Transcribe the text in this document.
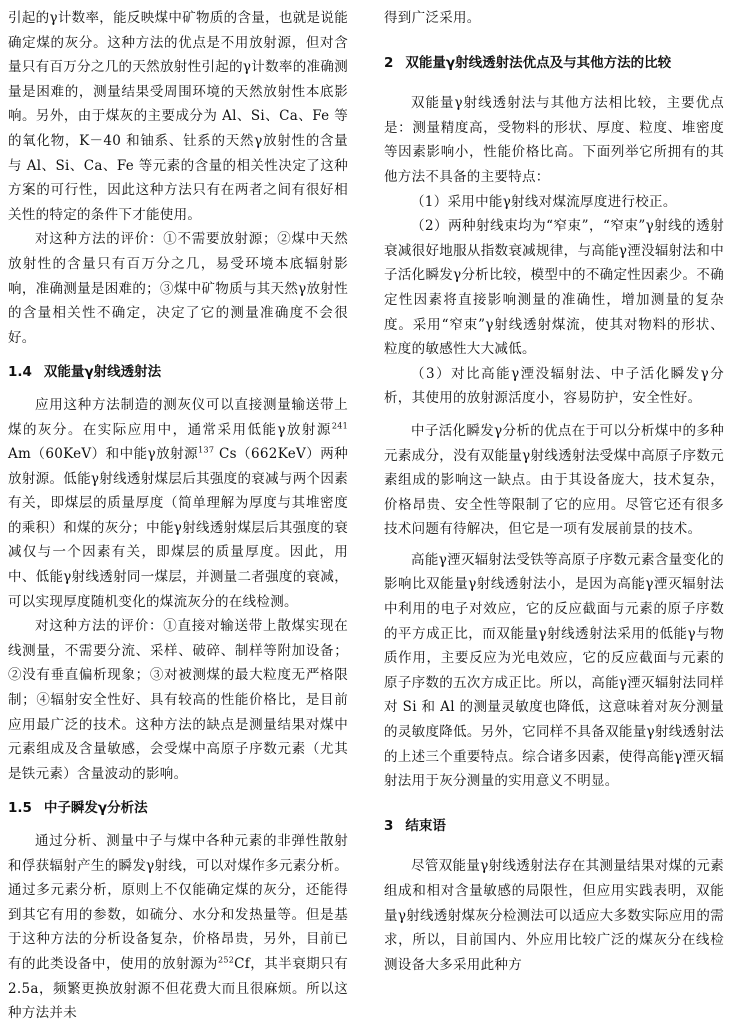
引起的γ计数率，能反映煤中矿物质的含量，也就是说能确定煤的灰分。这种方法的优点是不用放射源，但对含量只有百万分之几的天然放射性引起的γ计数率的准确测量是困难的，测量结果受周围环境的天然放射性本底影响。另外，由于煤灰的主要成分为 Al、Si、Ca、Fe 等的氧化物，K－40 和铀系、钍系的天然γ放射性的含量与 Al、Si、Ca、Fe 等元素的含量的相关性决定了这种方案的可行性，因此这种方法只有在两者之间有很好相关性的特定的条件下才能使用。

对这种方法的评价：①不需要放射源；②煤中天然放射性的含量只有百万分之几，易受环境本底辐射影响，准确测量是困难的；③煤中矿物质与其天然γ放射性的含量相关性不确定，决定了它的测量准确度不会很好。

1.4 双能量γ射线透射法

应用这种方法制造的测灰仪可以直接测量输送带上煤的灰分。在实际应用中，通常采用低能γ放射源$^{241}$ Am（60KeV）和中能γ放射源$^{137}$ Cs（662KeV）两种放射源。低能γ射线透射煤层后其强度的衰减与两个因素有关，即煤层的质量厚度（简单理解为厚度与其堆密度的乘积）和煤的灰分；中能γ射线透射煤层后其强度的衰减仅与一个因素有关，即煤层的质量厚度。因此，用中、低能γ射线透射同一煤层，并测量二者强度的衰减，可以实现厚度随机变化的煤流灰分的在线检测。

对这种方法的评价：①直接对输送带上散煤实现在线测量，不需要分流、采样、破碎、制样等附加设备；②没有垂直偏析现象；③对被测煤的最大粒度无严格限制；④辐射安全性好、具有较高的性能价格比，是目前应用最广泛的技术。这种方法的缺点是测量结果对煤中元素组成及含量敏感，会受煤中高原子序数元素（尤其是铁元素）含量波动的影响。

1.5 中子瞬发γ分析法

通过分析、测量中子与煤中各种元素的非弹性散射和俘获辐射产生的瞬发γ射线，可以对煤作多元素分析。通过多元素分析，原则上不仅能确定煤的灰分，还能得到其它有用的参数，如硫分、水分和发热量等。但是基于这种方法的分析设备复杂，价格昂贵，另外，目前已有的此类设备中，使用的放射源为$^{252}$Cf，其半衰期只有 2.5a，频繁更换放射源不但花费大而且很麻烦。所以这种方法并未

得到广泛采用。

2 双能量γ射线透射法优点及与其他方法的比较

双能量γ射线透射法与其他方法相比较，主要优点是：测量精度高，受物料的形状、厚度、粒度、堆密度等因素影响小，性能价格比高。下面列举它所拥有的其他方法不具备的主要特点：

（1）采用中能γ射线对煤流厚度进行校正。

（2）两种射线束均为“窄束”，“窄束”γ射线的透射衰减很好地服从指数衰减规律，与高能γ湮没辐射法和中子活化瞬发γ分析比较，模型中的不确定性因素少。不确定性因素将直接影响测量的准确性，增加测量的复杂度。采用“窄束”γ射线透射煤流，使其对物料的形状、粒度的敏感性大大减低。

（3）对比高能γ湮没辐射法、中子活化瞬发γ分析，其使用的放射源活度小，容易防护，安全性好。

中子活化瞬发γ分析的优点在于可以分析煤中的多种元素成分，没有双能量γ射线透射法受煤中高原子序数元素组成的影响这一缺点。由于其设备庞大，技术复杂，价格昂贵、安全性等限制了它的应用。尽管它还有很多技术问题有待解决，但它是一项有发展前景的技术。

高能γ湮灭辐射法受铁等高原子序数元素含量变化的影响比双能量γ射线透射法小，是因为高能γ湮灭辐射法中利用的电子对效应，它的反应截面与元素的原子序数的平方成正比，而双能量γ射线透射法采用的低能γ与物质作用，主要反应为光电效应，它的反应截面与元素的原子序数的五次方成正比。所以，高能γ湮灭辐射法同样对 Si 和 Al 的测量灵敏度也降低，这意味着对灰分测量的灵敏度降低。另外，它同样不具备双能量γ射线透射法的上述三个重要特点。综合诸多因素，使得高能γ湮灭辐射法用于灰分测量的实用意义不明显。

3 结束语

尽管双能量γ射线透射法存在其测量结果对煤的元素组成和相对含量敏感的局限性，但应用实践表明，双能量γ射线透射煤灰分检测法可以适应大多数实际应用的需求，所以，目前国内、外应用比较广泛的煤灰分在线检测设备大多采用此种方
